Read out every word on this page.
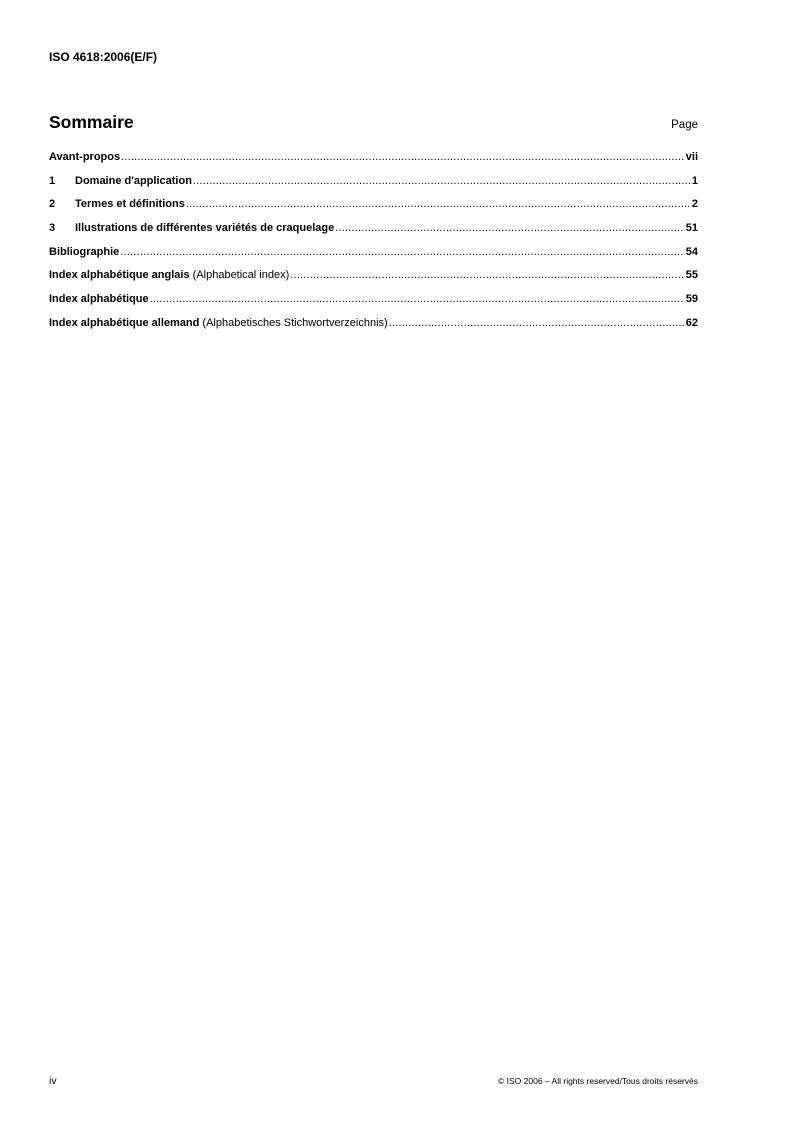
ISO 4618:2006(E/F)
Sommaire	Page
Avant-propos .....	vii
1	Domaine d'application .....	1
2	Termes et définitions .....	2
3	Illustrations de différentes variétés de craquelage .....	51
Bibliographie .....	54
Index alphabétique anglais (Alphabetical index) .....	55
Index alphabétique .....	59
Index alphabétique allemand (Alphabetisches Stichwortverzeichnis) .....	62
iv	© ISO 2006 – All rights reserved/Tous droits réservés
